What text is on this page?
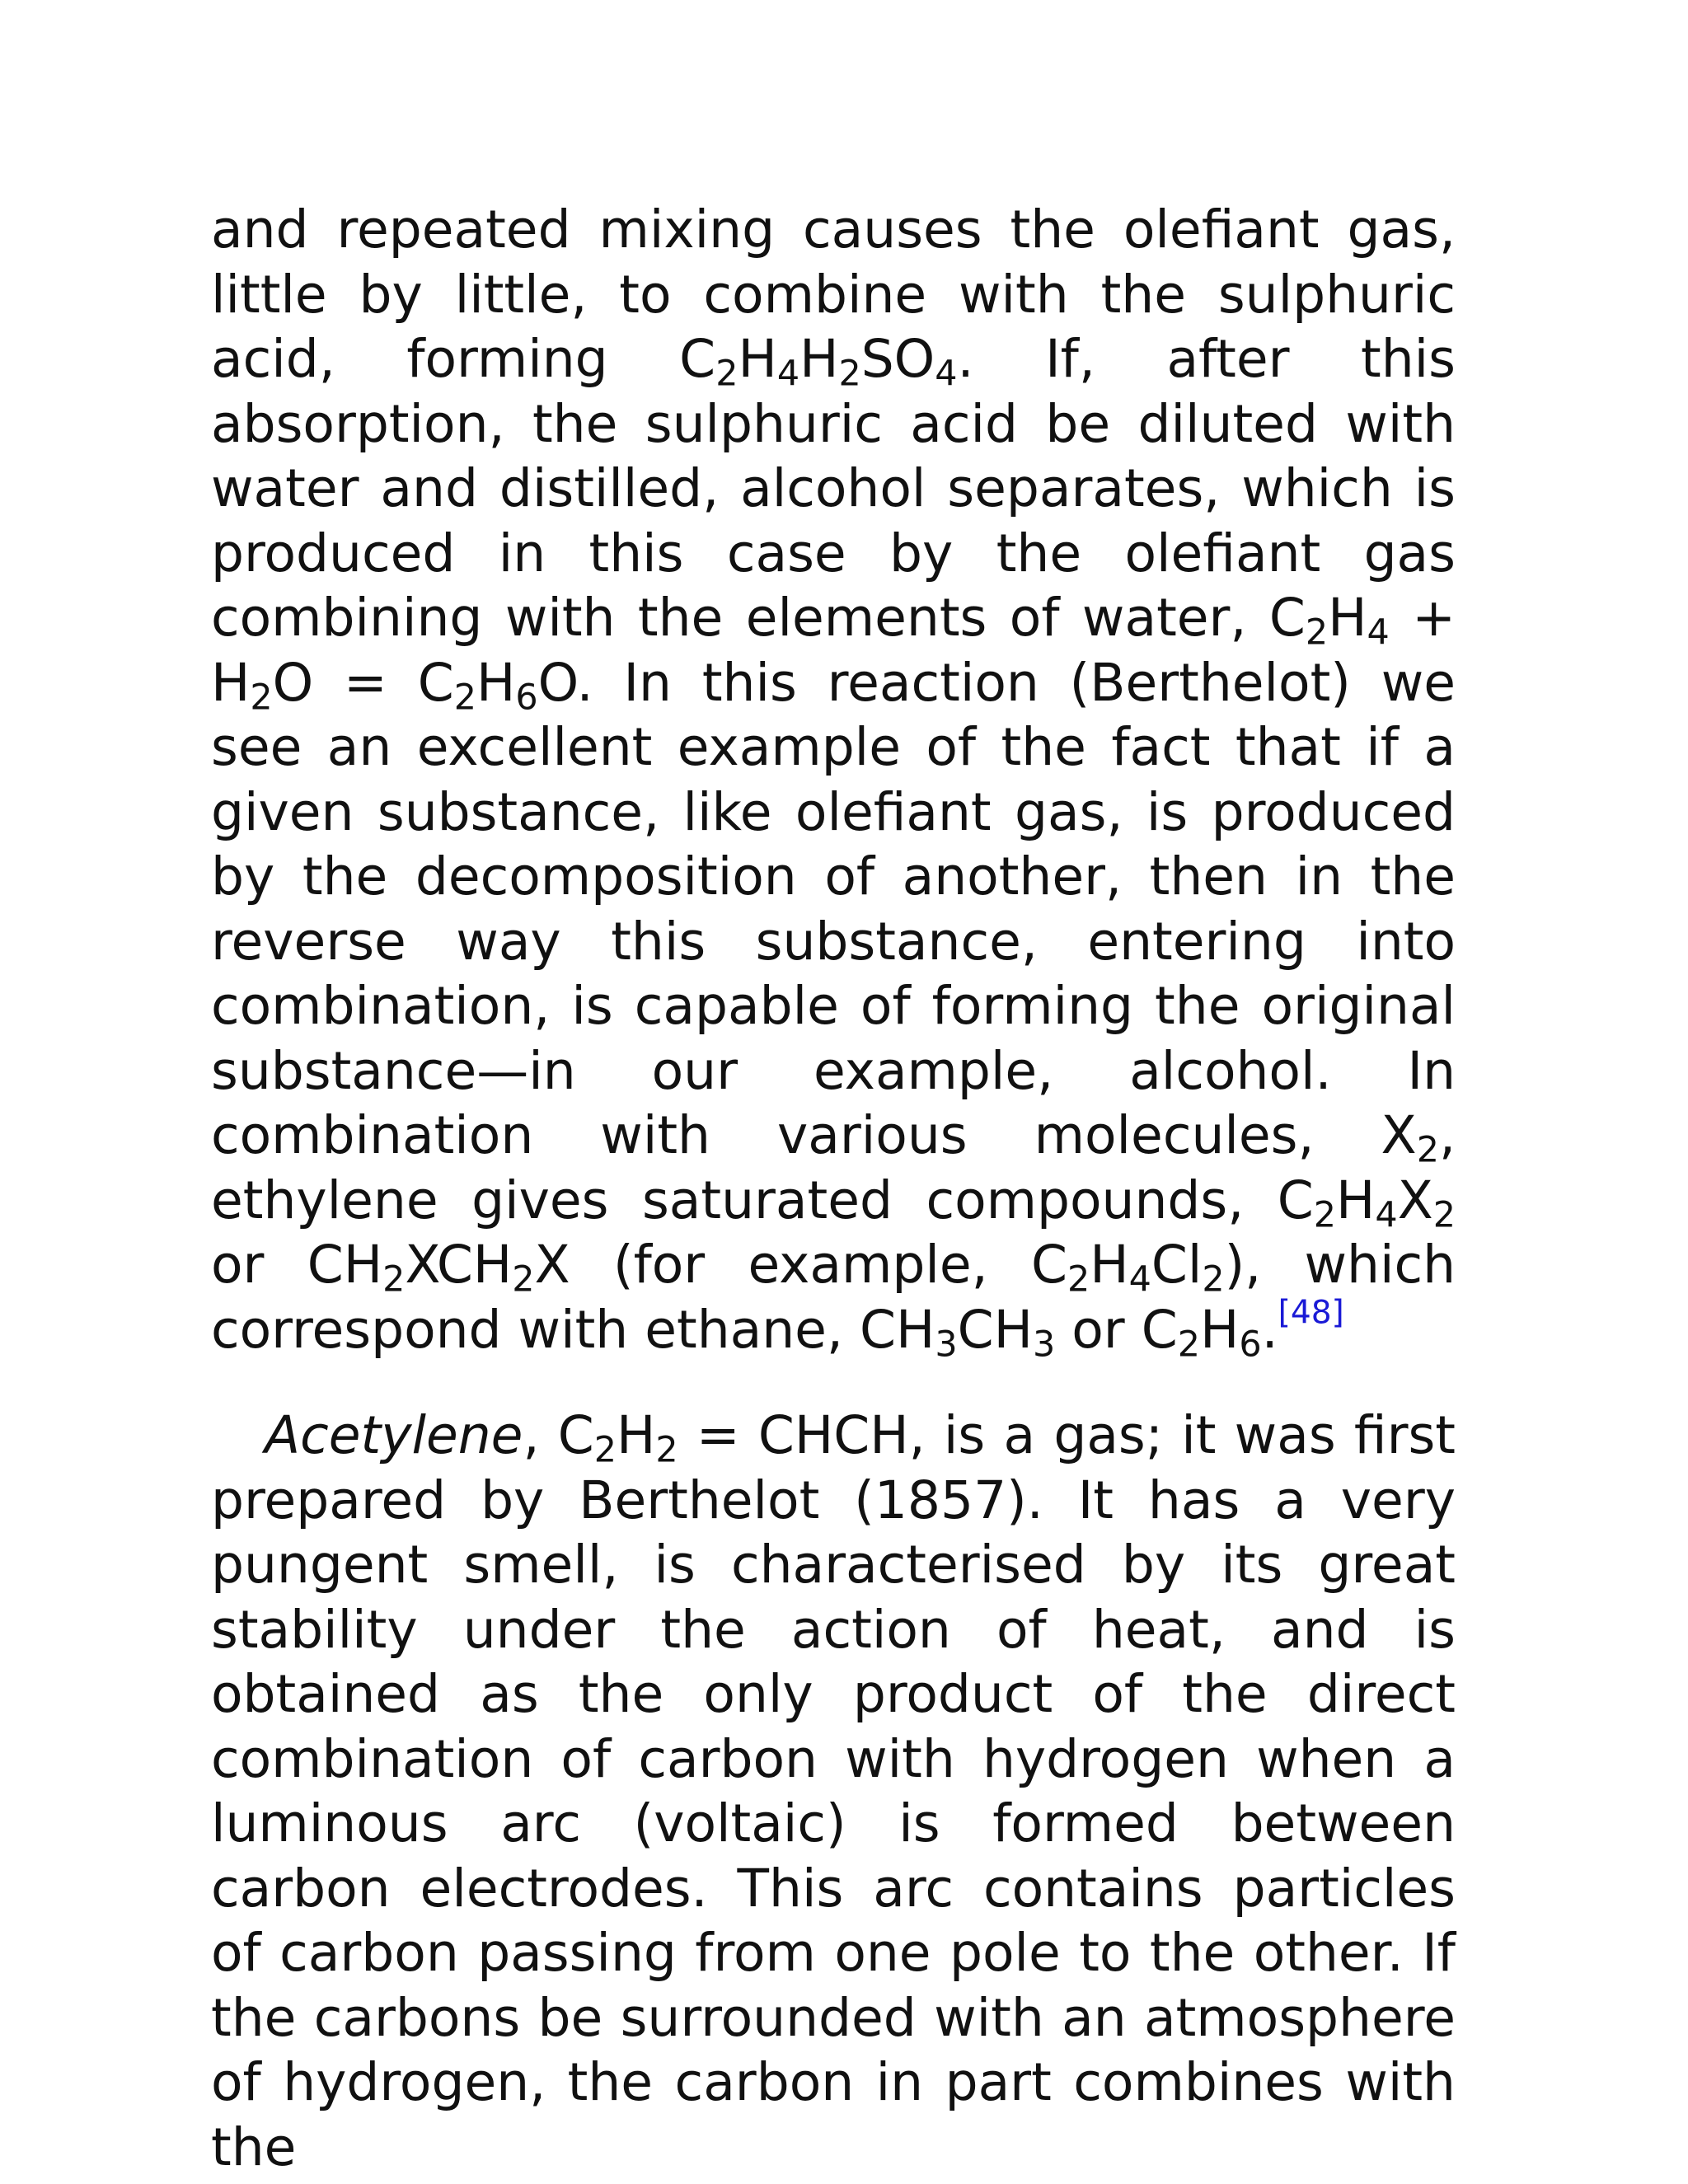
and repeated mixing causes the olefiant gas, little by little, to combine with the sulphuric acid, forming $C_2H_4H_2SO_4$. If, after this absorption, the sulphuric acid be diluted with water and distilled, alcohol separates, which is produced in this case by the olefiant gas combining with the elements of water, $C_2H_4 + H_2O = C_2H_6O$. In this reaction (Berthelot) we see an excellent example of the fact that if a given substance, like olefiant gas, is produced by the decomposition of another, then in the reverse way this substance, entering into combination, is capable of forming the original substance—in our example, alcohol. In combination with various molecules, $X_2$, ethylene gives saturated compounds, $C_2H_4X_2$ or $CH_2XCH_2X$ (for example, $C_2H_4Cl_2$), which correspond with ethane, $CH_3CH_3$ or $C_2H_6.[48]$

Acetylene, $C_2H_2$ = CHCH, is a gas; it was first prepared by Berthelot (1857). It has a very pungent smell, is characterised by its great stability under the action of heat, and is obtained as the only product of the direct combination of carbon with hydrogen when a luminous arc (voltaic) is formed between carbon electrodes. This arc contains particles of carbon passing from one pole to the other. If the carbons be surrounded with an atmosphere of hydrogen, the carbon in part combines with the
